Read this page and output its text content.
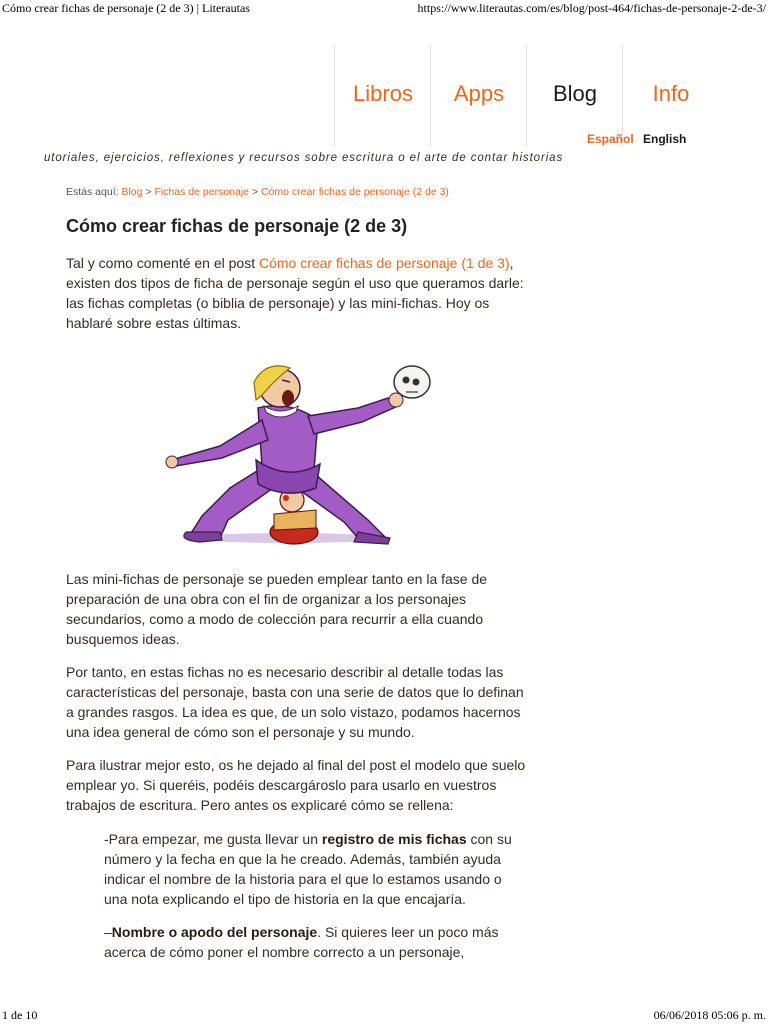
Cómo crear fichas de personaje (2 de 3) | Literautas	https://www.literautas.com/es/blog/post-464/fichas-de-personaje-2-de-3/
Libros	Apps	Blog	Info
Español English
utoriales, ejercicios, reflexiones y recursos sobre escritura o el arte de contar historias
Estás aquí: Blog > Fichas de personaje > Cómo crear fichas de personaje (2 de 3)
Cómo crear fichas de personaje (2 de 3)

Tal y como comenté en el post Cómo crear fichas de personaje (1 de 3), existen dos tipos de ficha de personaje según el uso que queramos darle: las fichas completas (o biblia de personaje) y las mini-fichas. Hoy os hablaré sobre estas últimas.

Las mini-fichas de personaje se pueden emplear tanto en la fase de preparación de una obra con el fin de organizar a los personajes secundarios, como a modo de colección para recurrir a ella cuando busquemos ideas.

Por tanto, en estas fichas no es necesario describir al detalle todas las características del personaje, basta con una serie de datos que lo definan a grandes rasgos. La idea es que, de un solo vistazo, podamos hacernos una idea general de cómo son el personaje y su mundo.

Para ilustrar mejor esto, os he dejado al final del post el modelo que suelo emplear yo. Si queréis, podéis descargároslo para usarlo en vuestros trabajos de escritura. Pero antes os explicaré cómo se rellena:

-Para empezar, me gusta llevar un registro de mis fichas con su número y la fecha en que la he creado. Además, también ayuda indicar el nombre de la historia para el que lo estamos usando o una nota explicando el tipo de historia en la que encajaría.

–Nombre o apodo del personaje. Si quieres leer un poco más acerca de cómo poner el nombre correcto a un personaje,

1 de 10	06/06/2018 05:06 p. m.
